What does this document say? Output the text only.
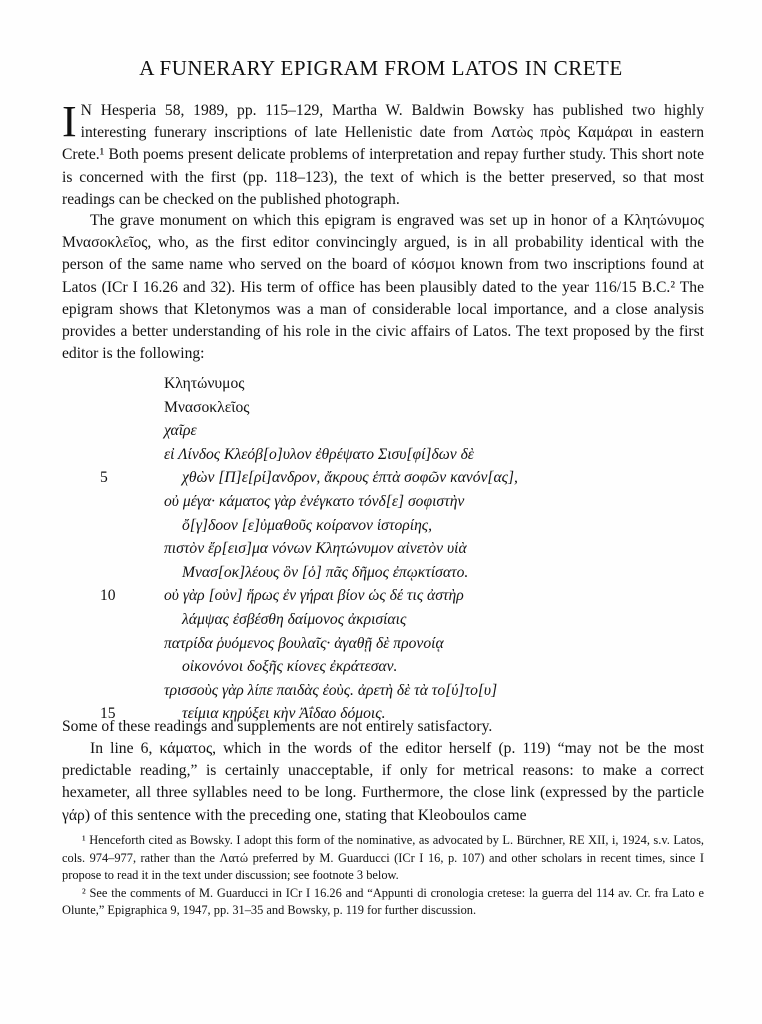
A FUNERARY EPIGRAM FROM LATOS IN CRETE
I N Hesperia 58, 1989, pp. 115–129, Martha W. Baldwin Bowsky has published two highly interesting funerary inscriptions of late Hellenistic date from Λατὼς πρὸς Καμάραι in eastern Crete.¹ Both poems present delicate problems of interpretation and repay further study. This short note is concerned with the first (pp. 118–123), the text of which is the better preserved, so that most readings can be checked on the published photograph.
The grave monument on which this epigram is engraved was set up in honor of a Κλητώνυμος Μνασοκλεῖος, who, as the first editor convincingly argued, is in all probability identical with the person of the same name who served on the board of κόσμοι known from two inscriptions found at Latos (ICr I 16.26 and 32). His term of office has been plausibly dated to the year 116/15 B.C.² The epigram shows that Kletonymos was a man of considerable local importance, and a close analysis provides a better understanding of his role in the civic affairs of Latos. The text proposed by the first editor is the following:
Κλητώνυμος
Μνασοκλεῖος
χαῖρε
εἰ Λίνδος Κλεόβ[ο]υλον ἐθρέψατο Σισυ[φί]δων δὲ
5	χθὼν [Π]ε[ρί]ανδρον, ἄκρους ἑπτὰ σοφῶν κανόν[ας],
οὐ μέγα· κάματος γὰρ ἐνέγκατο τόνδ[ε] σοφιστὴν
ὄ[γ]δοον [ε]ὐμαθοῦς κοίρανον ἱστορίης,
πιστὸν ἔρ[εισ]μα νόνων Κλητώνυμον αἰνετὸν υἱὰ
Μνασ[οκ]λέους ὃν [ὁ] πᾶς δῆμος ἐπῳκτίσατο.
10	οὐ γὰρ [οὐν] ἥρως ἐν γήραι βίον ὡς δέ τις ἀστὴρ
λάμψας ἐσβέσθη δαίμονος ἀκρισίαις
πατρίδα ῥυόμενος βουλαῖς· ἀγαθῇ δὲ προνοίᾳ
οἰκονόνοι δοξῆς κίονες ἐκράτεσαν.
τρισσοὺς γὰρ λίπε παιδὰς ἐοὺς. ἀρετὴ δὲ τὰ το[ύ]το[υ]
15	τείμια κηρύξει κὴν Ἀΐδαο δόμοις.
Some of these readings and supplements are not entirely satisfactory.
In line 6, κάματος, which in the words of the editor herself (p. 119) “may not be the most predictable reading,” is certainly unacceptable, if only for metrical reasons: to make a correct hexameter, all three syllables need to be long. Furthermore, the close link (expressed by the particle γάρ) of this sentence with the preceding one, stating that Kleoboulos came
¹ Henceforth cited as Bowsky. I adopt this form of the nominative, as advocated by L. Bürchner, RE XII, i, 1924, s.v. Latos, cols. 974–977, rather than the Λατώ preferred by M. Guarducci (ICr I 16, p. 107) and other scholars in recent times, since I propose to read it in the text under discussion; see footnote 3 below.
² See the comments of M. Guarducci in ICr I 16.26 and “Appunti di cronologia cretese: la guerra del 114 av. Cr. fra Lato e Olunte,” Epigraphica 9, 1947, pp. 31–35 and Bowsky, p. 119 for further discussion.
